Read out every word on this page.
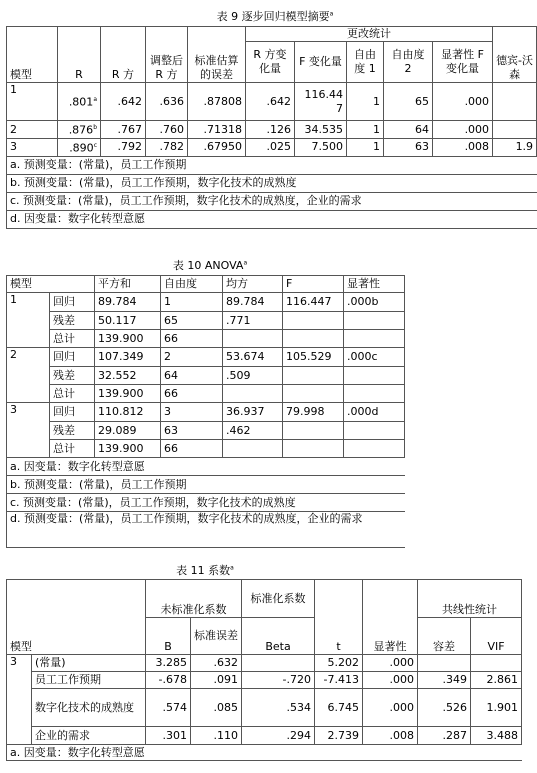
表 9 逐步回归模型摘要$^a$
模型	R	R 方	调整后 R 方	标准估算的误差	更改统计					德宾-沃森
					R 方变化量	F 变化量	自由度 1	自由度 2	显著性 F 变化量	
1	.801$^a$	.642	.636	.87808	.642	116.447	1	65	.000	
2	.876$^b$	.767	.760	.71318	.126	34.535	1	64	.000	
3	.890$^c$	.792	.782	.67950	.025	7.500	1	63	.008	1.9
a. 预测变量：(常量)，员工工作预期										
b. 预测变量：(常量)，员工工作预期，数字化技术的成熟度										
c. 预测变量：(常量)，员工工作预期，数字化技术的成熟度，企业的需求										
d. 因变量：数字化转型意愿										
表 10 ANOVA$^a$
模型		平方和	自由度	均方	F	显著性
1	回归	89.784	1	89.784	116.447	.000b
	残差	50.117	65	.771		
	总计	139.900	66			
2	回归	107.349	2	53.674	105.529	.000c
	残差	32.552	64	.509		
	总计	139.900	66			
3	回归	110.812	3	36.937	79.998	.000d
	残差	29.089	63	.462		
	总计	139.900	66			
a. 因变量：数字化转型意愿						
b. 预测变量：(常量)，员工工作预期						
c. 预测变量：(常量)，员工工作预期，数字化技术的成熟度						
d. 预测变量：(常量)，员工工作预期，数字化技术的成熟度，企业的需求						
表 11 系数$^a$
模型		未标准化系数		标准化系数	t	显著性	共线性统计	

		B	标准误差	Beta			容差	VIF
3	(常量)	3.285	.632		5.202	.000		
	员工工作预期	-.678	.091	-.720	-7.413	.000	.349	2.861
	数字化技术的成熟度	.574	.085	.534	6.745	.000	.526	1.901
	企业的需求	.301	.110	.294	2.739	.008	.287	3.488
a. 因变量：数字化转型意愿								
